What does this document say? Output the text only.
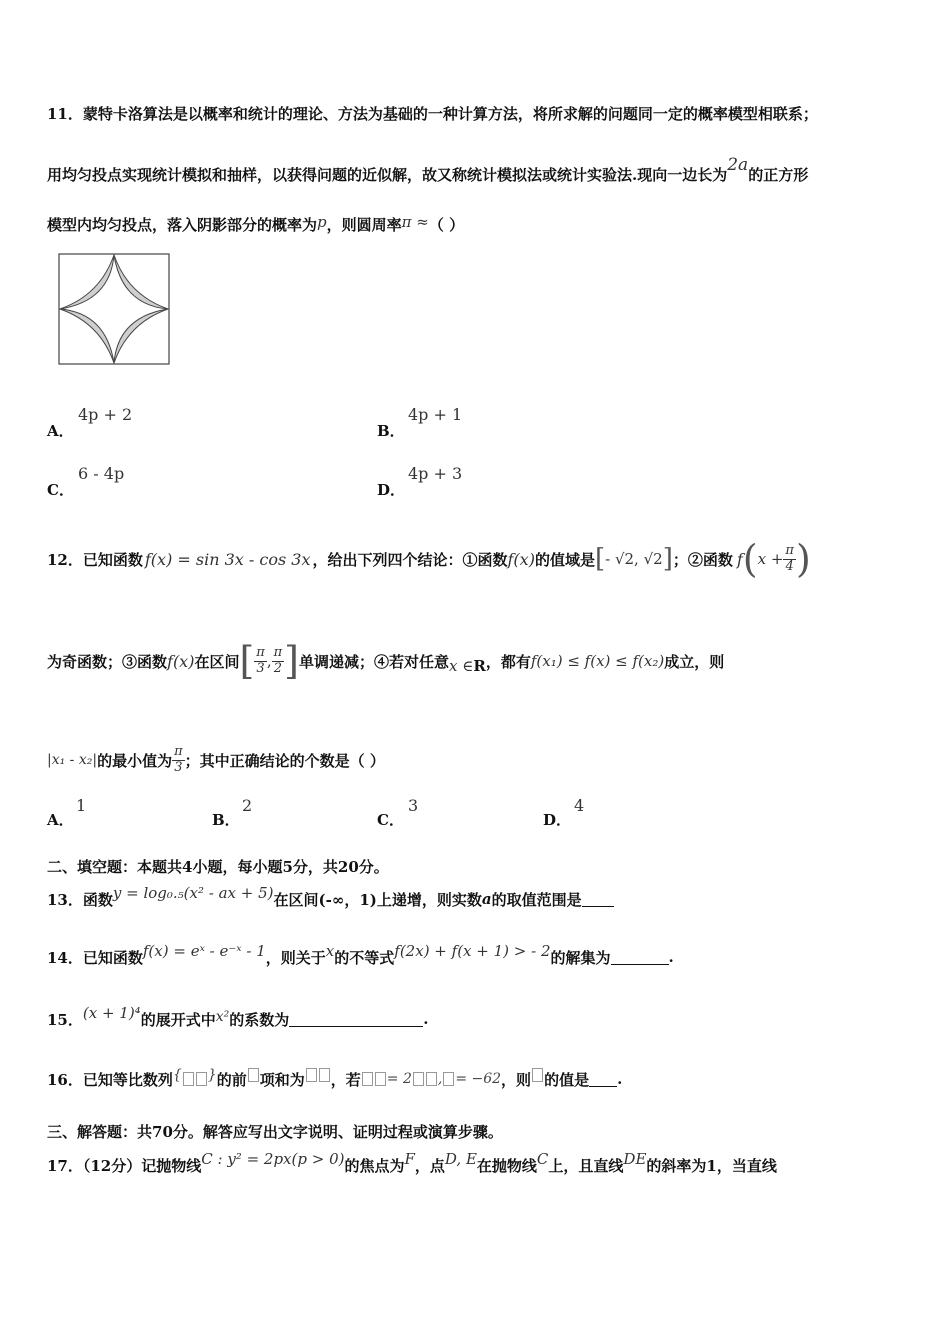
11．蒙特卡洛算法是以概率和统计的理论、方法为基础的一种计算方法，将所求解的问题同一定的概率模型相联系；
用均匀投点实现统计模拟和抽样，以获得问题的近似解，故又称统计模拟法或统计实验法.现向一边长为2a的正方形
模型内均匀投点，落入阴影部分的概率为p，则圆周率π ≈（ ）
A．
4p + 2
B．
4p + 1
C．
6 - 4p
D．
4p + 3
12．已知函数 f(x) = sin 3x - cos 3x ，给出下列四个结论：①函数 f(x) 的值域是 [ - √2, √2 ] ；②函数 f ( $x + \frac{\pi}{4}$ )
为奇函数；③函数 f(x) 在区间 [ $\frac{\pi}{3}$ , $\frac{\pi}{2}$ ] 单调递减；④若对任意 x ∈ R ，都有 f(x₁) ≤ f(x) ≤ f(x₂) 成立，则
|x₁ - x₂| 的最小值为 $\frac{\pi}{3}$ ；其中正确结论的个数是（ ）
A．
1
B．
2
C．
3
D．
4
二、填空题：本题共4小题，每小题5分，共20分。
13．函数 y = log₀.₅(x² - ax + 5) 在区间(-∞，1)上递增，则实数 a 的取值范围是
14．已知函数 f(x) = eˣ - e⁻ˣ - 1 ，则关于 x 的不等式 f(2x) + f(x + 1) > - 2 的解集为	.
15． (x + 1)⁴ 的展开式中 x² 的系数为	.
16．已知等比数列 { } 的前 项和为 ，若 = 2 , = −62 ，则 的值是 .
三、解答题：共70分。解答应写出文字说明、证明过程或演算步骤。
17．（12分）记抛物线 C : y² = 2px(p > 0) 的焦点为 F ，点 D, E 在抛物线 C 上，且直线 DE 的斜率为1，当直线
